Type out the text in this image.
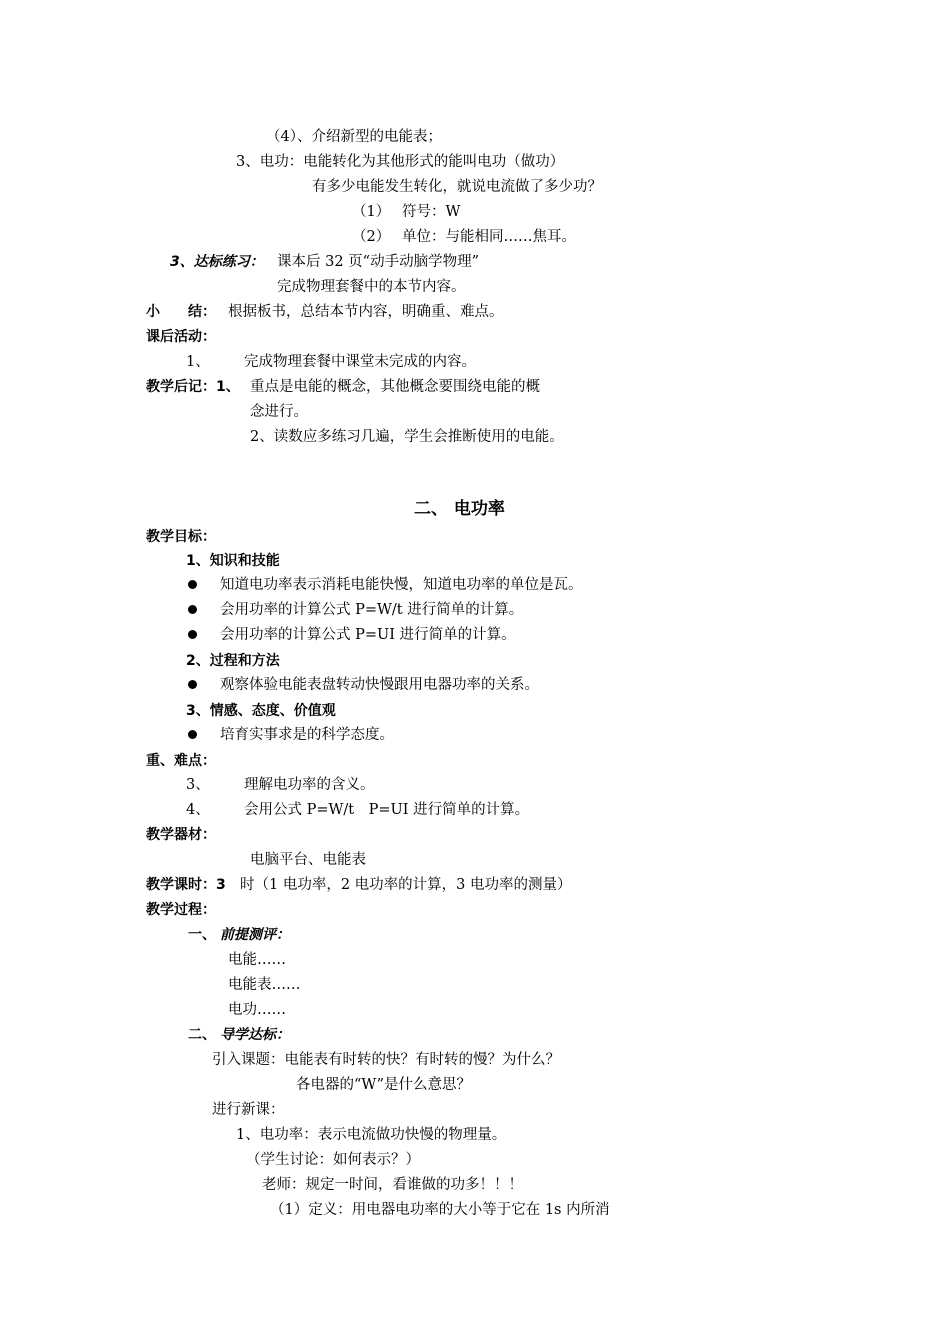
（4）、介绍新型的电能表；
3、电功：电能转化为其他形式的能叫电功（做功）
有多少电能发生转化，就说电流做了多少功？
（1） 符号：W
（2） 单位：与能相同……焦耳。
3、达标练习： 课本后 32 页“动手动脑学物理”
完成物理套餐中的本节内容。
小　　结： 根据板书，总结本节内容，明确重、难点。
课后活动：
1、 完成物理套餐中课堂未完成的内容。
教学后记：1、 重点是电能的概念，其他概念要围绕电能的概
念进行。
2、读数应多练习几遍，学生会推断使用的电能。
二、 电功率
教学目标：
1、知识和技能
知道电功率表示消耗电能快慢，知道电功率的单位是瓦。
会用功率的计算公式 P=W/t 进行简单的计算。
会用功率的计算公式 P=UI 进行简单的计算。
2、过程和方法
观察体验电能表盘转动快慢跟用电器功率的关系。
3、情感、态度、价值观
培育实事求是的科学态度。
重、难点：
3、 理解电功率的含义。
4、 会用公式 P=W/t　P=UI 进行简单的计算。
教学器材：
电脑平台、电能表
教学课时：3 时（1 电功率，2 电功率的计算，3 电功率的测量）
教学过程：
一、 前提测评：
电能……
电能表……
电功……
二、 导学达标：
引入课题：电能表有时转的快？有时转的慢？为什么？
各电器的“W”是什么意思？
进行新课：
1、电功率：表示电流做功快慢的物理量。
（学生讨论：如何表示？）
老师：规定一时间，看谁做的功多！！！
（1）定义：用电器电功率的大小等于它在 1s 内所消
